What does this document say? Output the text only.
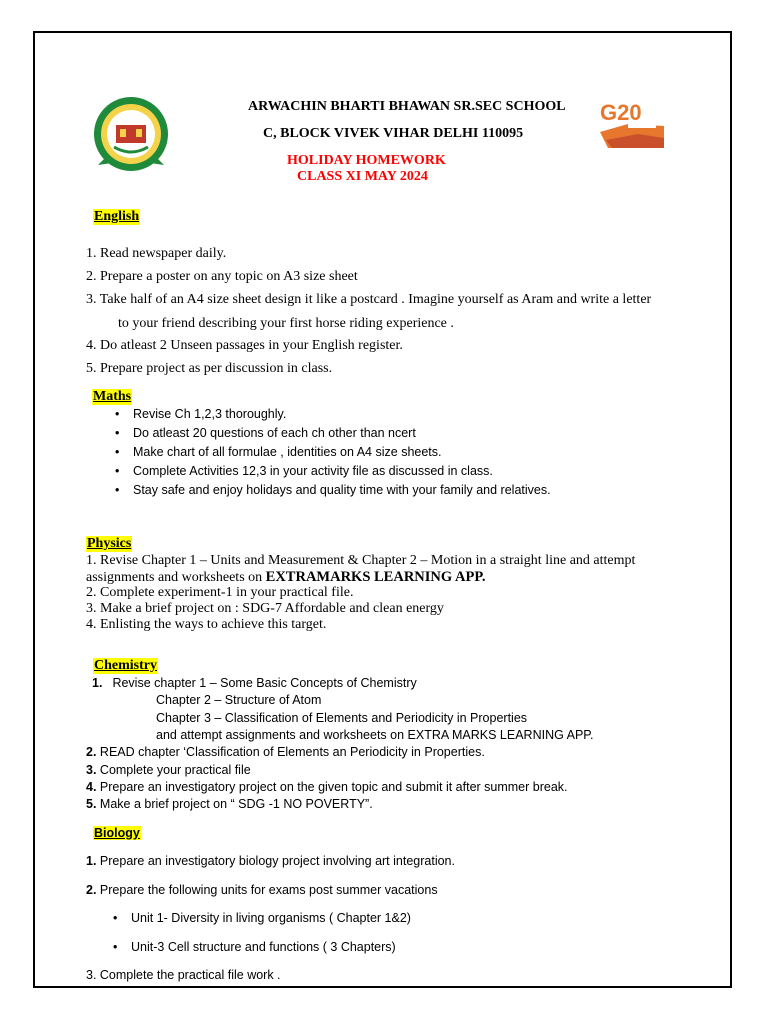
G20
ARWACHIN BHARTI BHAWAN SR.SEC SCHOOL
C, BLOCK VIVEK VIHAR DELHI 110095
HOLIDAY HOMEWORK
CLASS XI MAY 2024
English
1. Read newspaper daily.
2. Prepare a poster on any topic on A3 size sheet
3. Take half of an A4 size sheet design it like a postcard . Imagine yourself as Aram and write a letter
to your friend describing your first horse riding experience .
4. Do atleast 2 Unseen passages in your English register.
5. Prepare project as per discussion in class.
Maths
• Revise Ch 1,2,3 thoroughly.
• Do atleast 20 questions of each ch other than ncert
• Make chart of all formulae , identities on A4 size sheets.
• Complete Activities 12,3 in your activity file as discussed in class.
• Stay safe and enjoy holidays and quality time with your family and relatives.
Physics
1. Revise Chapter 1 – Units and Measurement & Chapter 2 – Motion in a straight line and attempt
assignments and worksheets on EXTRAMARKS LEARNING APP.
2. Complete experiment-1 in your practical file.
3. Make a brief project on : SDG-7 Affordable and clean energy
4. Enlisting the ways to achieve this target.
Chemistry
1. Revise chapter 1 – Some Basic Concepts of Chemistry
Chapter 2 – Structure of Atom
Chapter 3 – Classification of Elements and Periodicity in Properties
and attempt assignments and worksheets on EXTRA MARKS LEARNING APP.
2. READ chapter ‘Classification of Elements an Periodicity in Properties.
3. Complete your practical file
4. Prepare an investigatory project on the given topic and submit it after summer break.
5. Make a brief project on “ SDG -1 NO POVERTY”.
Biology
1. Prepare an investigatory biology project involving art integration.
2. Prepare the following units for exams post summer vacations
• Unit 1- Diversity in living organisms ( Chapter 1&2)
• Unit-3 Cell structure and functions ( 3 Chapters)
3. Complete the practical file work .
